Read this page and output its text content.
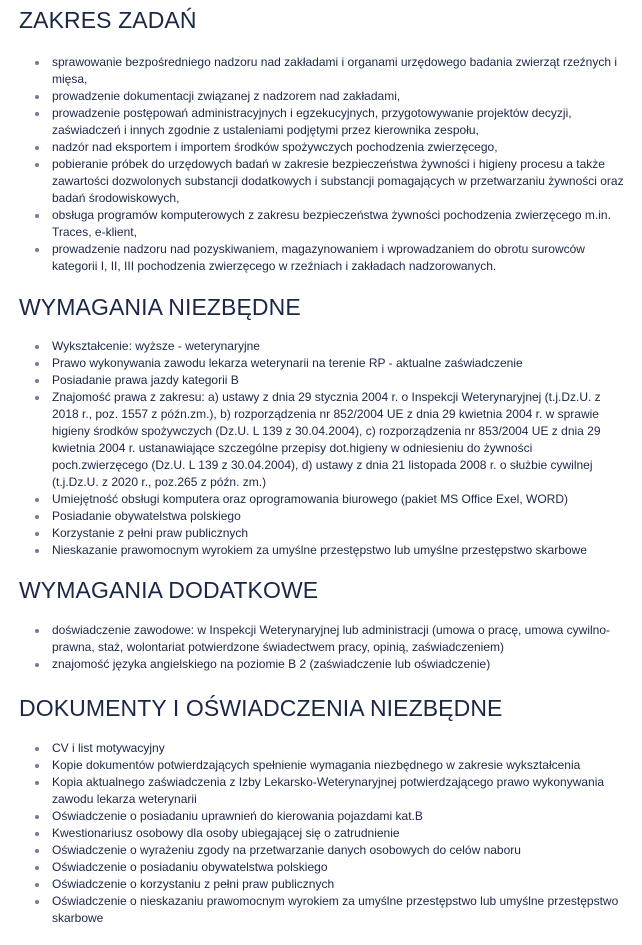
ZAKRES ZADAŃ
sprawowanie bezpośredniego nadzoru nad zakładami i organami urzędowego badania zwierząt rzeźnych i mięsa,
prowadzenie dokumentacji związanej z nadzorem nad zakładami,
prowadzenie postępowań administracyjnych i egzekucyjnych, przygotowywanie projektów decyzji, zaświadczeń i innych zgodnie z ustaleniami podjętymi przez kierownika zespołu,
nadzór nad eksportem i importem środków spożywczych pochodzenia zwierzęcego,
pobieranie próbek do urzędowych badań w zakresie bezpieczeństwa żywności i higieny procesu a także zawartości dozwolonych substancji dodatkowych i substancji pomagających w przetwarzaniu żywności oraz badań środowiskowych,
obsługa programów komputerowych z zakresu bezpieczeństwa żywności pochodzenia zwierzęcego m.in. Traces, e-klient,
prowadzenie nadzoru nad pozyskiwaniem, magazynowaniem i wprowadzaniem do obrotu surowców kategorii I, II, III pochodzenia zwierzęcego w rzeźniach i zakładach nadzorowanych.
WYMAGANIA NIEZBĘDNE
Wykształcenie: wyższe - weterynaryjne
Prawo wykonywania zawodu lekarza weterynarii na terenie RP - aktualne zaświadczenie
Posiadanie prawa jazdy kategorii B
Znajomość prawa z zakresu: a) ustawy z dnia 29 stycznia 2004 r. o Inspekcji Weterynaryjnej (t.j.Dz.U. z 2018 r., poz. 1557 z późn.zm.), b) rozporządzenia nr 852/2004 UE z dnia 29 kwietnia 2004 r. w sprawie higieny środków spożywczych (Dz.U. L 139 z 30.04.2004), c) rozporządzenia nr 853/2004 UE z dnia 29 kwietnia 2004 r. ustanawiające szczególne przepisy dot.higieny w odniesieniu do żywności poch.zwierzęcego (Dz.U. L 139 z 30.04.2004), d) ustawy z dnia 21 listopada 2008 r. o służbie cywilnej (t.j.Dz.U. z 2020 r., poz.265 z późn. zm.)
Umiejętność obsługi komputera oraz oprogramowania biurowego (pakiet MS Office Exel, WORD)
Posiadanie obywatelstwa polskiego
Korzystanie z pełni praw publicznych
Nieskazanie prawomocnym wyrokiem za umyślne przestępstwo lub umyślne przestępstwo skarbowe
WYMAGANIA DODATKOWE
doświadczenie zawodowe: w Inspekcji Weterynaryjnej lub administracji (umowa o pracę, umowa cywilno-prawna, staż, wolontariat potwierdzone świadectwem pracy, opinią, zaświadczeniem)
znajomość języka angielskiego na poziomie B 2 (zaświadczenie lub oświadczenie)
DOKUMENTY I OŚWIADCZENIA NIEZBĘDNE
CV i list motywacyjny
Kopie dokumentów potwierdzających spełnienie wymagania niezbędnego w zakresie wykształcenia
Kopia aktualnego zaświadczenia z Izby Lekarsko-Weterynaryjnej potwierdzającego prawo wykonywania zawodu lekarza weterynarii
Oświadczenie o posiadaniu uprawnień do kierowania pojazdami kat.B
Kwestionariusz osobowy dla osoby ubiegającej się o zatrudnienie
Oświadczenie o wyrażeniu zgody na przetwarzanie danych osobowych do celów naboru
Oświadczenie o posiadaniu obywatelstwa polskiego
Oświadczenie o korzystaniu z pełni praw publicznych
Oświadczenie o nieskazaniu prawomocnym wyrokiem za umyślne przestępstwo lub umyślne przestępstwo skarbowe
